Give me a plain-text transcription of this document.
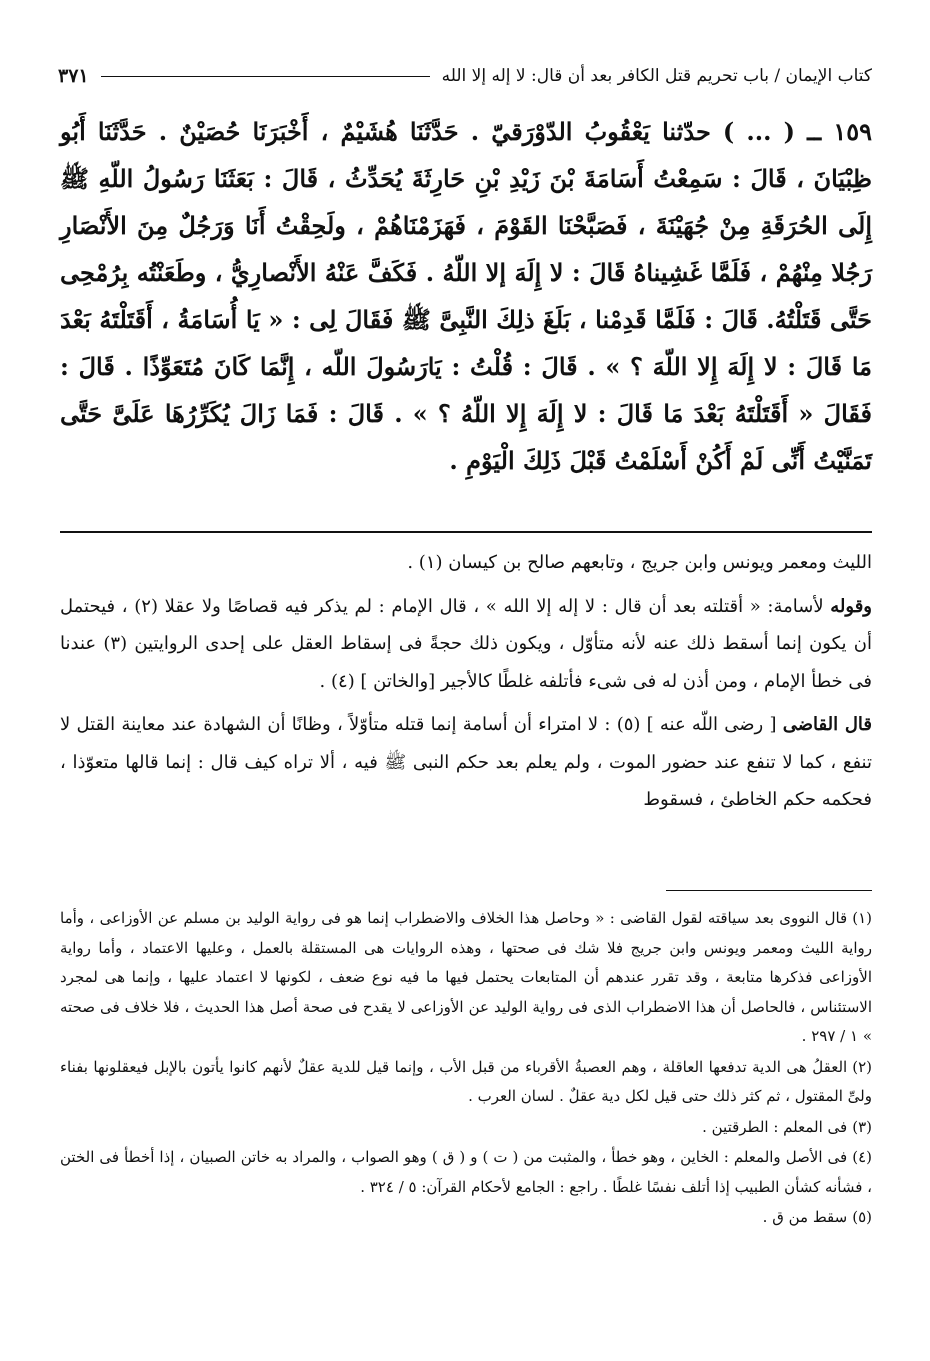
كتاب الإيمان / باب تحريم قتل الكافر بعد أن قال: لا إله إلا الله
٣٧١

١٥٩ ــ ( ... ) حدّثنا يَعْقُوبُ الدّوْرَقيّ . حَدَّثَنَا هُشَيْمٌ ، أَخْبَرَنَا حُصَيْنٌ . حَدَّثَنَا أَبُو ظِبْيَانَ ، قَالَ : سَمِعْتُ أَسَامَةَ بْنَ زَيْدِ بْنِ حَارِثَةَ يُحَدِّثُ ، قَالَ : بَعَثَنَا رَسُولُ اللّهِ ﷺ إِلَى الحُرَقَةِ مِنْ جُهَيْنَةَ ، فَصَبَّحْنَا القَوْمَ ، فَهَزَمْنَاهُمْ ، ولَحِقْتُ أَنَا وَرَجُلٌ مِنَ الأَنْصَارِ رَجُلا مِنْهُمْ ، فَلَمَّا غَشِيناهُ قَالَ : لا إِلَهَ إلا اللّهُ . فَكَفَّ عَنْهُ الأَنْصارِيُّ ، وطَعَنْتُه بِرُمْحِى حَتَّى قَتَلْتُهُ. قَالَ : فَلَمَّا قَدِمْنا ، بَلَغَ ذلِكَ النَّبِىَّ ﷺ فَقَالَ لِى : « يَا أُسَامَةُ ، أَقَتَلْتَهُ بَعْدَ مَا قَالَ : لا إِلَهَ إِلا اللّهَ ؟ » . قَالَ : قُلْتُ : يَارَسُولَ اللّه ، إِنَّمَا كَانَ مُتَعَوِّذًا . قَالَ : فَقَالَ « أَقَتَلْتَهُ بَعْدَ مَا قَالَ : لا إِلَهَ إِلا اللّهُ ؟ » . قَالَ : فَمَا زَالَ يُكَرِّرُهَا عَلَىَّ حَتَّى تَمَنَّيْتُ أَنِّى لَمْ أَكُنْ أَسْلَمْتُ قَبْلَ ذَلِكَ الْيَوْمِ .

الليث ومعمر ويونس وابن جريج ، وتابعهم صالح بن كيسان (١) .

وقوله لأسامة: « أقتلته بعد أن قال : لا إله إلا الله » ، قال الإمام : لم يذكر فيه قصاصًا ولا عقلا (٢) ، فيحتمل أن يكون إنما أسقط ذلك عنه لأنه متأوّل ، ويكون ذلك حجةً فى إسقاط العقل على إحدى الروايتين (٣) عندنا فى خطأ الإمام ، ومن أذن له فى شىء فأتلفه غلطًا كالأجير [والخاتن ] (٤) .

قال القاضى [ رضى اللّه عنه ] (٥) : لا امتراء أن أسامة إنما قتله متأوّلاً ، وظانًا أن الشهادة عند معاينة القتل لا تنفع ، كما لا تنفع عند حضور الموت ، ولم يعلم بعد حكم النبى ﷺ فيه ، ألا تراه كيف قال : إنما قالها متعوّذا ، فحكمه حكم الخاطئ ، فسقوط

(١)قال النووى بعد سياقته لقول القاضى : « وحاصل هذا الخلاف والاضطراب إنما هو فى رواية الوليد بن مسلم عن الأوزاعى ، وأما رواية الليث ومعمر ويونس وابن جريج فلا شك فى صحتها ، وهذه الروايات هى المستقلة بالعمل ، وعليها الاعتماد ، وأما رواية الأوزاعى فذكرها متابعة ، وقد تقرر عندهم أن المتابعات يحتمل فيها ما فيه نوع ضعف ، لكونها لا اعتماد عليها ، وإنما هى لمجرد الاستئناس ، فالحاصل أن هذا الاضطراب الذى فى رواية الوليد عن الأوزاعى لا يقدح فى صحة أصل هذا الحديث ، فلا خلاف فى صحته » ١ / ٢٩٧ .
(٢)العقلُ هى الدية تدفعها العاقلة ، وهم العصبةُ الأقرباء من قبل الأب ، وإنما قيل للدية عقلٌ لأنهم كانوا يأتون بالإبل فيعقلونها بفناء ولىِّ المقتول ، ثم كثر ذلك حتى قيل لكل دية عقلٌ . لسان العرب .
(٣)فى المعلم : الطرقتين .
(٤)فى الأصل والمعلم : الخاين ، وهو خطأ ، والمثبت من ( ت ) و ( ق ) وهو الصواب ، والمراد به خاتن الصبيان ، إذا أخطأ فى الختن ، فشأنه كشأن الطبيب إذا أتلف نفسًا غلطًا . راجع : الجامع لأحكام القرآن: ٥ / ٣٢٤ .
(٥)سقط من ق .
